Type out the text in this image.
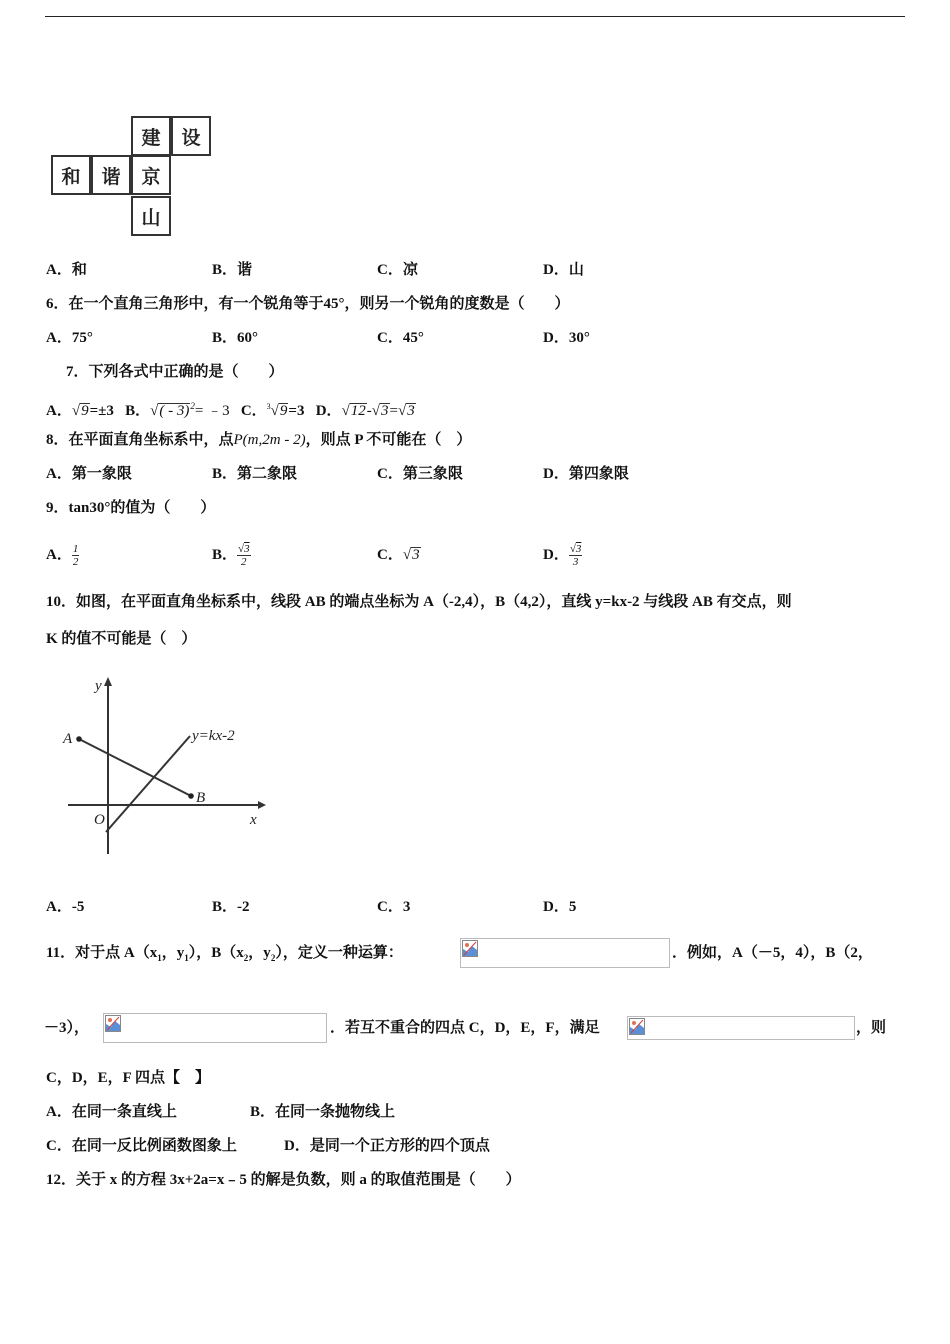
建	设
和	谐	京
山
A．和	B．谐	C．凉	D．山
6．在一个直角三角形中，有一个锐角等于45°，则另一个锐角的度数是（　　）
A．75°	B．60°	C．45°	D．30°
7．下列各式中正确的是（　　）
A．√9=±3 B．√( - 3)$^2$= ﹣3 C．$^3$√9=3 D．√12-√3=√3
8．在平面直角坐标系中，点P(m,2m - 2)，则点 P 不可能在（　）
A．第一象限	B．第二象限	C．第三象限	D．第四象限
9．tan30°的值为（　　）
A． $\frac{1}{2}$	B． $\frac{√3}{2}$	C．√3	D． $\frac{√3}{3}$
10．如图，在平面直角坐标系中，线段 AB 的端点坐标为 A（-2,4），B（4,2），直线 y=kx-2 与线段 AB 有交点，则
K 的值不可能是（　）
y
x
O
A
B
y=kx-2
A．-5	B．-2	C．3	D．5
11．对于点 $A(x_1$，$y_1$），$B(x_2$，$y_2$），定义一种运算：	．例如，A（－5，4），B（2，
－3），	．若互不重合的四点 C，D，E，F，满足	，则
C，D，E，F 四点【　】
A．在同一条直线上	B．在同一条抛物线上
C．在同一反比例函数图象上	D．是同一个正方形的四个顶点
12．关于 x 的方程 3x+2a=x﹣5 的解是负数，则 a 的取值范围是（　　）
